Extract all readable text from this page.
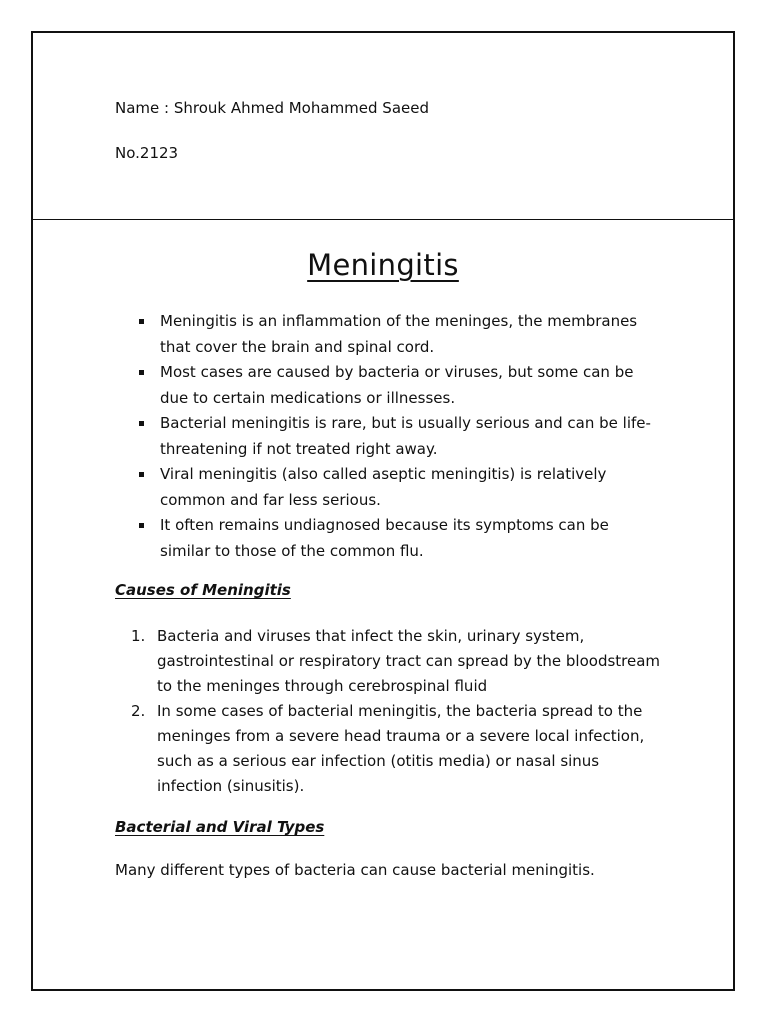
Name : Shrouk Ahmed Mohammed Saeed
No.2123
Meningitis
Meningitis is an inflammation of the meninges, the membranes that cover the brain and spinal cord.
Most cases are caused by bacteria or viruses, but some can be due to certain medications or illnesses.
Bacterial meningitis is rare, but is usually serious and can be life-threatening if not treated right away.
Viral meningitis (also called aseptic meningitis) is relatively common and far less serious.
It often remains undiagnosed because its symptoms can be similar to those of the common flu.
Causes of Meningitis
1. Bacteria and viruses that infect the skin, urinary system, gastrointestinal or respiratory tract can spread by the bloodstream to the meninges through cerebrospinal fluid
2. In some cases of bacterial meningitis, the bacteria spread to the meninges from a severe head trauma or a severe local infection, such as a serious ear infection (otitis media) or nasal sinus infection (sinusitis).
Bacterial and Viral Types
Many different types of bacteria can cause bacterial meningitis.
